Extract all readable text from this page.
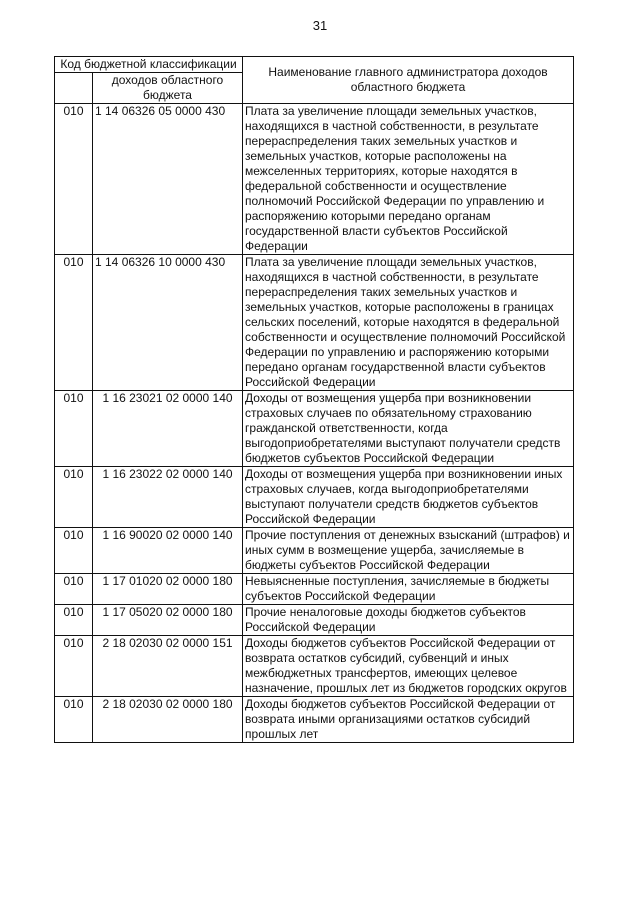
31
Код бюджетной классификации		Наименование главного администратора доходов областного бюджета
	доходов областного бюджета	
010	1 14 06326 05 0000 430	Плата за увеличение площади земельных участков, находящихся в частной собственности, в результате перераспределения таких земельных участков и земельных участков, которые расположены на межселенных территориях, которые находятся в федеральной собственности и осуществление полномочий Российской Федерации по управлению и распоряжению которыми передано органам государственной власти субъектов Российской Федерации
010	1 14 06326 10 0000 430	Плата за увеличение площади земельных участков, находящихся в частной собственности, в результате перераспределения таких земельных участков и земельных участков, которые расположены в границах сельских поселений, которые находятся в федеральной собственности и осуществление полномочий Российской Федерации по управлению и распоряжению которыми передано органам государственной власти субъектов Российской Федерации
010	1 16 23021 02 0000 140	Доходы от возмещения ущерба при возникновении страховых случаев по обязательному страхованию гражданской ответственности, когда выгодоприобретателями выступают получатели средств бюджетов субъектов Российской Федерации
010	1 16 23022 02 0000 140	Доходы от возмещения ущерба при возникновении иных страховых случаев, когда выгодоприобретателями выступают получатели средств бюджетов субъектов Российской Федерации
010	1 16 90020 02 0000 140	Прочие поступления от денежных взысканий (штрафов) и иных сумм в возмещение ущерба, зачисляемые в бюджеты субъектов Российской Федерации
010	1 17 01020 02 0000 180	Невыясненные поступления, зачисляемые в бюджеты субъектов Российской Федерации
010	1 17 05020 02 0000 180	Прочие неналоговые доходы бюджетов субъектов Российской Федерации
010	2 18 02030 02 0000 151	Доходы бюджетов субъектов Российской Федерации от возврата остатков субсидий, субвенций и иных межбюджетных трансфертов, имеющих целевое назначение, прошлых лет из бюджетов городских округов
010	2 18 02030 02 0000 180	Доходы бюджетов субъектов Российской Федерации от возврата иными организациями остатков субсидий прошлых лет
